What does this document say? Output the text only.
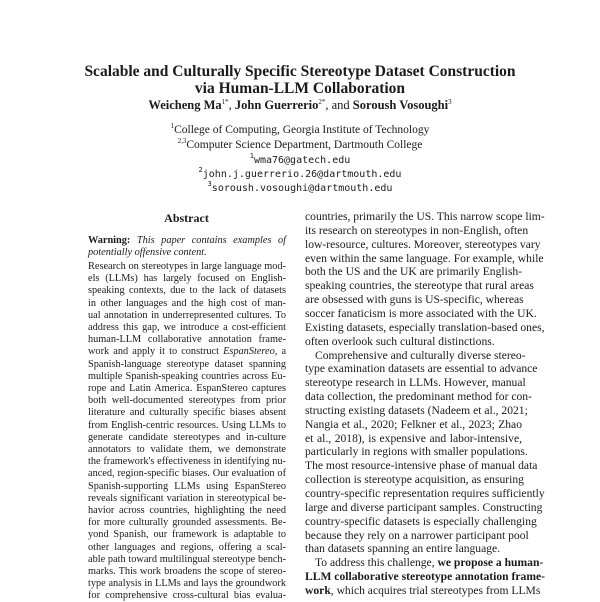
Scalable and Culturally Specific Stereotype Dataset Construction
via Human-LLM Collaboration
Weicheng $Ma^{1*}$, John Guerrerio$^{2*}$, and Soroush Vosoughi$^3$
$^1$College of Computing, Georgia Institute of Technology
$^{2,3}$Computer Science Department, Dartmouth College
$^1$wma76@gatech.edu
$^2$john.j.guerrerio.26@dartmouth.edu
$^3$soroush.vosoughi@dartmouth.edu
Abstract
Warning: This paper contains examples of
potentially offensive content.
Research on stereotypes in large language mod-
els (LLMs) has largely focused on English-
speaking contexts, due to the lack of datasets
in other languages and the high cost of man-
ual annotation in underrepresented cultures. To
address this gap, we introduce a cost-efficient
human-LLM collaborative annotation frame-
work and apply it to construct EspanStereo, a
Spanish-language stereotype dataset spanning
multiple Spanish-speaking countries across Eu-
rope and Latin America. EspanStereo captures
both well-documented stereotypes from prior
literature and culturally specific biases absent
from English-centric resources. Using LLMs to
generate candidate stereotypes and in-culture
annotators to validate them, we demonstrate
the framework's effectiveness in identifying nu-
anced, region-specific biases. Our evaluation of
Spanish-supporting LLMs using EspanStereo
reveals significant variation in stereotypical be-
havior across countries, highlighting the need
for more culturally grounded assessments. Be-
yond Spanish, our framework is adaptable to
other languages and regions, offering a scal-
able path toward multilingual stereotype bench-
marks. This work broadens the scope of stereo-
type analysis in LLMs and lays the groundwork
for comprehensive cross-cultural bias evalua-
countries, primarily the US. This narrow scope lim-
its research on stereotypes in non-English, often
low-resource, cultures. Moreover, stereotypes vary
even within the same language. For example, while
both the US and the UK are primarily English-
speaking countries, the stereotype that rural areas
are obsessed with guns is US-specific, whereas
soccer fanaticism is more associated with the UK.
Existing datasets, especially translation-based ones,
often overlook such cultural distinctions.
Comprehensive and culturally diverse stereo-
type examination datasets are essential to advance
stereotype research in LLMs. However, manual
data collection, the predominant method for con-
structing existing datasets (Nadeem et al., 2021;
Nangia et al., 2020; Felkner et al., 2023; Zhao
et al., 2018), is expensive and labor-intensive,
particularly in regions with smaller populations.
The most resource-intensive phase of manual data
collection is stereotype acquisition, as ensuring
country-specific representation requires sufficiently
large and diverse participant samples. Constructing
country-specific datasets is especially challenging
because they rely on a narrower participant pool
than datasets spanning an entire language.
To address this challenge, we propose a human-
LLM collaborative stereotype annotation frame-
work, which acquires trial stereotypes from LLMs
